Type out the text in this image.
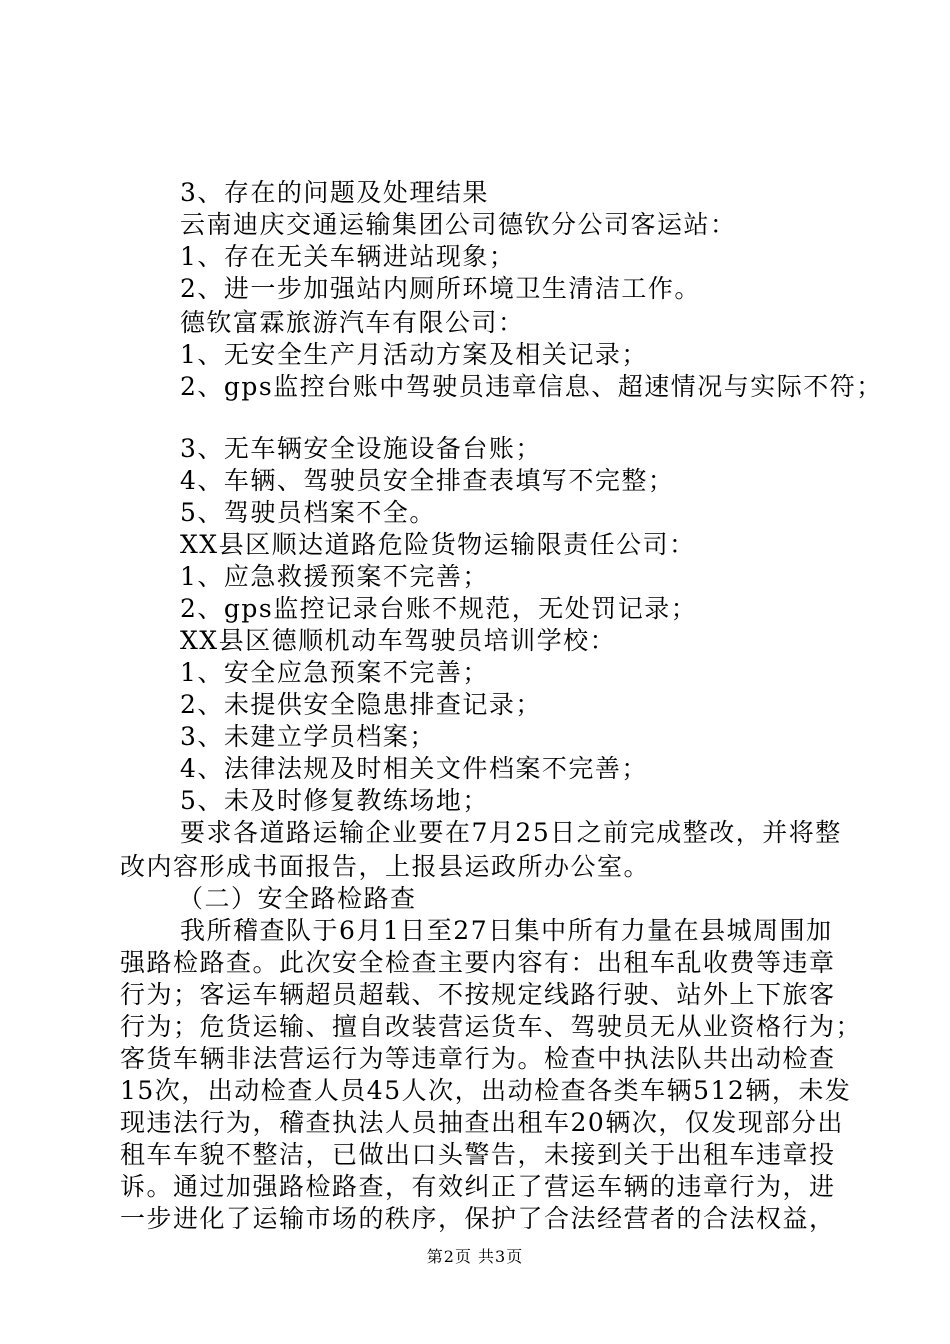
3、存在的问题及处理结果
云南迪庆交通运输集团公司德钦分公司客运站：
1、存在无关车辆进站现象；
2、进一步加强站内厕所环境卫生清洁工作。
德钦富霖旅游汽车有限公司：
1、无安全生产月活动方案及相关记录；
2、gps监控台账中驾驶员违章信息、超速情况与实际不符；
3、无车辆安全设施设备台账；
4、车辆、驾驶员安全排查表填写不完整；
5、驾驶员档案不全。
XX县区顺达道路危险货物运输限责任公司：
1、应急救援预案不完善；
2、gps监控记录台账不规范，无处罚记录；
XX县区德顺机动车驾驶员培训学校：
1、安全应急预案不完善；
2、未提供安全隐患排查记录；
3、未建立学员档案；
4、法律法规及时相关文件档案不完善；
5、未及时修复教练场地；
要求各道路运输企业要在7月25日之前完成整改，并将整
改内容形成书面报告，上报县运政所办公室。
（二）安全路检路查
我所稽查队于6月1日至27日集中所有力量在县城周围加
强路检路查。此次安全检查主要内容有：出租车乱收费等违章
行为；客运车辆超员超载、不按规定线路行驶、站外上下旅客
行为；危货运输、擅自改装营运货车、驾驶员无从业资格行为；
客货车辆非法营运行为等违章行为。检查中执法队共出动检查
15次，出动检查人员45人次，出动检查各类车辆512辆，未发
现违法行为，稽查执法人员抽查出租车20辆次，仅发现部分出
租车车貌不整洁，已做出口头警告，未接到关于出租车违章投
诉。通过加强路检路查，有效纠正了营运车辆的违章行为，进
一步进化了运输市场的秩序，保护了合法经营者的合法权益，
第2页 共3页
